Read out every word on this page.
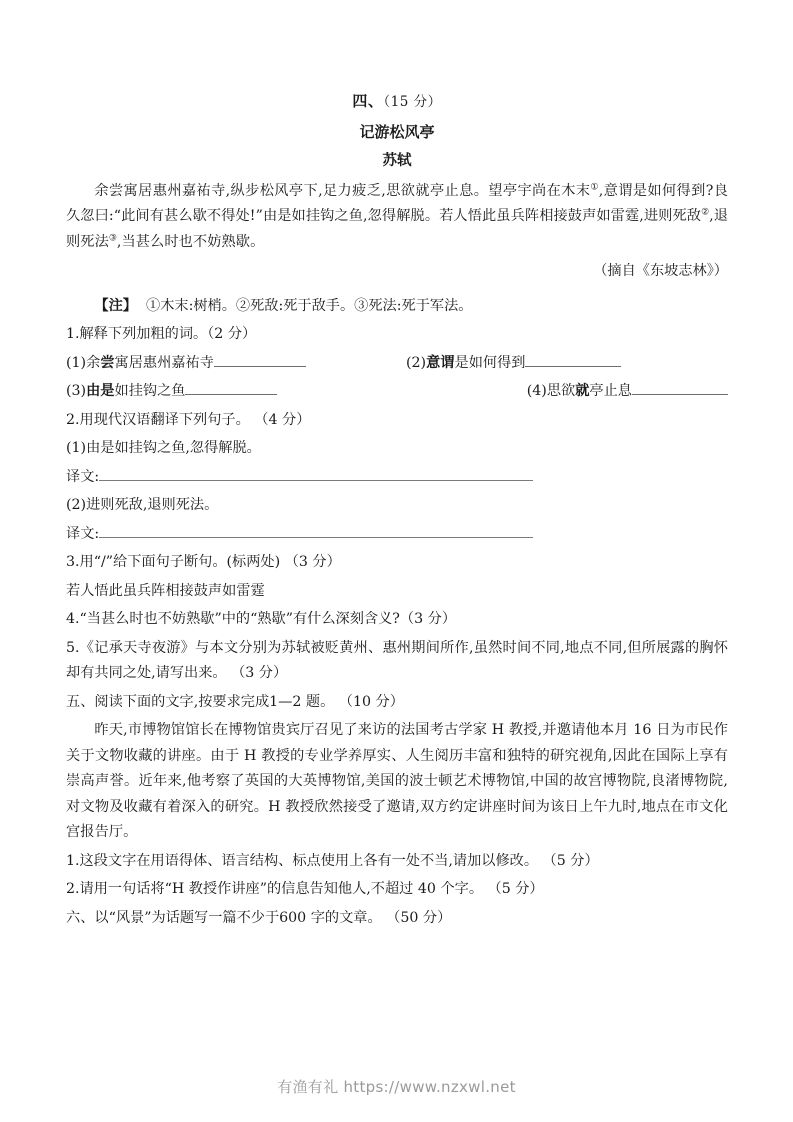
四、（15 分）
记游松风亭
苏轼

余尝寓居惠州嘉祐寺,纵步松风亭下,足力疲乏,思欲就亭止息。望亭宇尚在木末①,意谓是如何得到?良久忽曰:“此间有甚么歇不得处!”由是如挂钩之鱼,忽得解脱。若人悟此虽兵阵相接鼓声如雷霆,进则死敌②,退则死法③,当甚么时也不妨熟歇。

（摘自《东坡志林》）

【注】 ①木末:树梢。②死敌:死于敌手。③死法:死于军法。

1.解释下列加粗的词。（2 分）

(1)余尝寓居惠州嘉祐寺	(2)意谓是如何得到
(3)由是如挂钩之鱼	(4)思欲就亭止息

2.用现代汉语翻译下列句子。 （4 分）

(1)由是如挂钩之鱼,忽得解脱。

译文:

(2)进则死敌,退则死法。

译文:

3.用“/”给下面句子断句。(标两处) （3 分）

若人悟此虽兵阵相接鼓声如雷霆

4.“当甚么时也不妨熟歇”中的“熟歇”有什么深刻含义?（3 分）

5.《记承天寺夜游》与本文分别为苏轼被贬黄州、惠州期间所作,虽然时间不同,地点不同,但所展露的胸怀却有共同之处,请写出来。 （3 分）

五、阅读下面的文字,按要求完成1—2 题。 （10 分）

昨天,市博物馆馆长在博物馆贵宾厅召见了来访的法国考古学家 H 教授,并邀请他本月 16 日为市民作关于文物收藏的讲座。由于 H 教授的专业学养厚实、人生阅历丰富和独特的研究视角,因此在国际上享有崇高声誉。近年来,他考察了英国的大英博物馆,美国的波士顿艺术博物馆,中国的故宫博物院,良渚博物院,对文物及收藏有着深入的研究。H 教授欣然接受了邀请,双方约定讲座时间为该日上午九时,地点在市文化宫报告厅。

1.这段文字在用语得体、语言结构、标点使用上各有一处不当,请加以修改。 （5 分）

2.请用一句话将“H 教授作讲座”的信息告知他人,不超过 40 个字。 （5 分）

六、以“风景”为话题写一篇不少于600 字的文章。 （50 分）

有渔有礼 https://www.nzxwl.net
